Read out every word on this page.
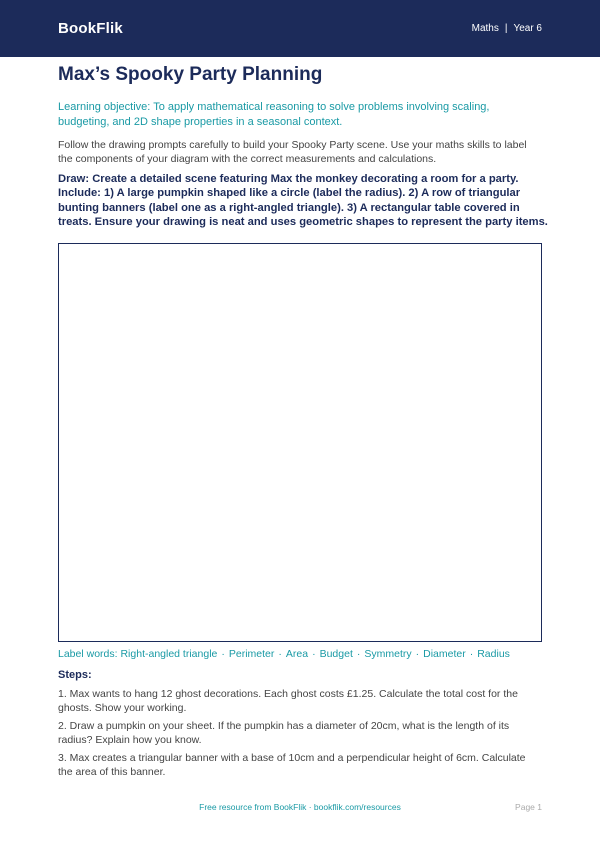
BookFlik	Maths | Year 6
Max’s Spooky Party Planning

Learning objective: To apply mathematical reasoning to solve problems involving scaling, budgeting, and 2D shape properties in a seasonal context.

Follow the drawing prompts carefully to build your Spooky Party scene. Use your maths skills to label the components of your diagram with the correct measurements and calculations.

Draw: Create a detailed scene featuring Max the monkey decorating a room for a party. Include: 1) A large pumpkin shaped like a circle (label the radius). 2) A row of triangular bunting banners (label one as a right-angled triangle). 3) A rectangular table covered in treats. Ensure your drawing is neat and uses geometric shapes to represent the party items.

Label words:
Right-angled triangle · Perimeter · Area · Budget · Symmetry · Diameter · Radius
Steps:
1. Max wants to hang 12 ghost decorations. Each ghost costs £1.25. Calculate the total cost for the ghosts. Show your working.
2. Draw a pumpkin on your sheet. If the pumpkin has a diameter of 20cm, what is the length of its radius? Explain how you know.
3. Max creates a triangular banner with a base of 10cm and a perpendicular height of 6cm. Calculate the area of this banner.
Free resource from BookFlik · bookflik.com/resources	Page 1
